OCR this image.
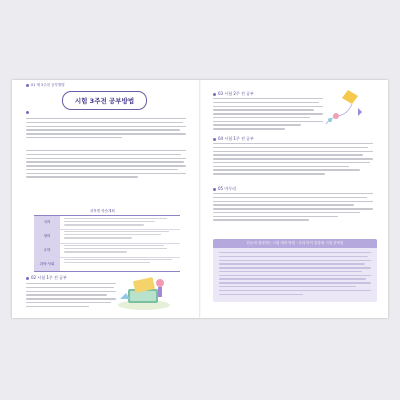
01 새 3주천 공부방법
시험 3주전 공부방법
과목별 학습계획
국어
영어
수학
과학·사회
02 시험 1주 전 공부
03 시험 2주 전 공부
04 시험 1주 전 공부
05 마무리
한눈에 정리하는 시험 대비 방법 · 우리 아이 맞춤형 시험 준비법
